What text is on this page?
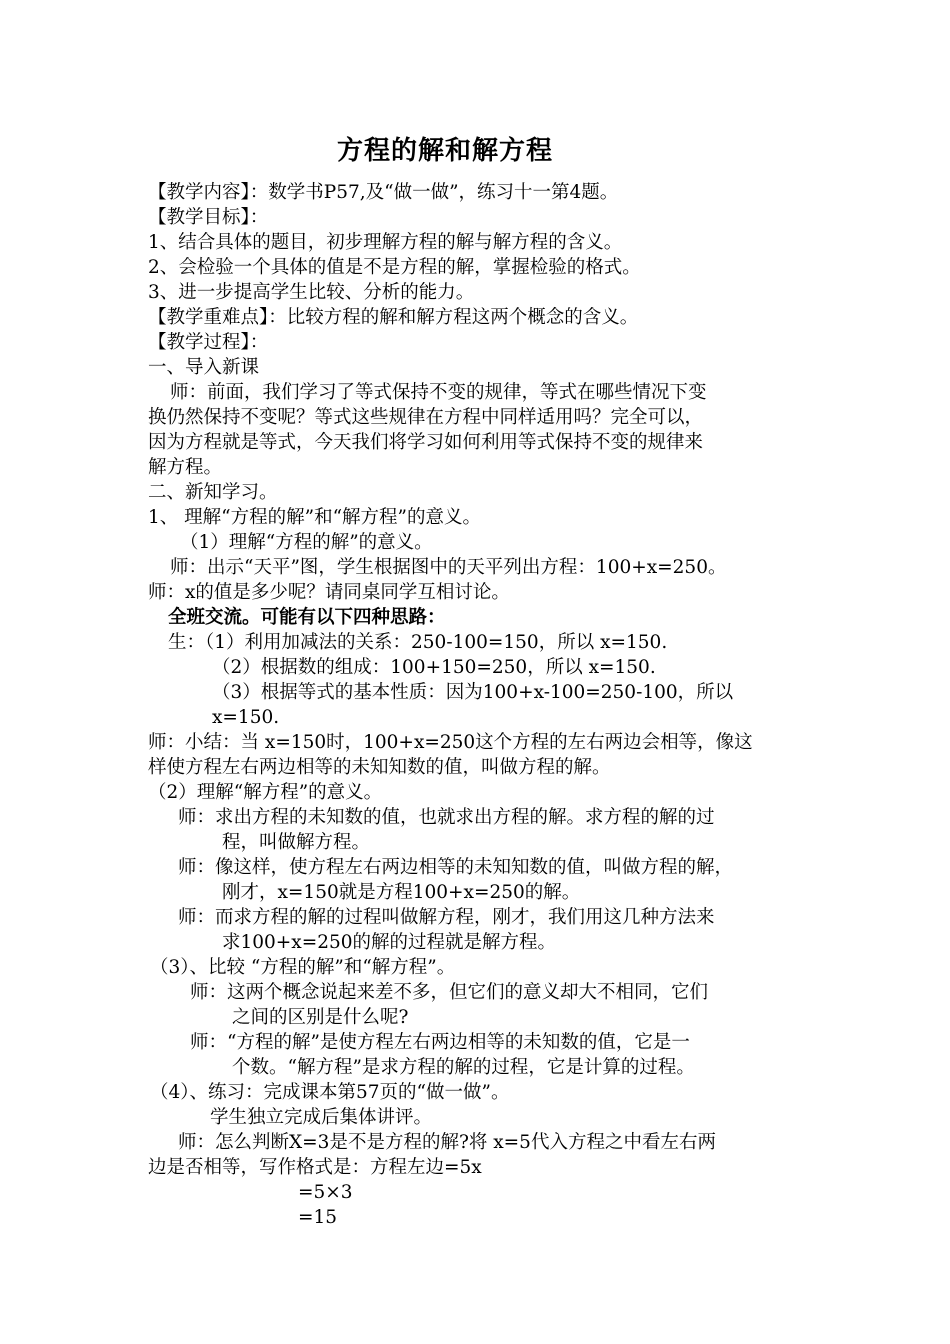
方程的解和解方程
【教学内容】：数学书P57,及“做一做”，练习十一第4题。
【教学目标】：
1、结合具体的题目，初步理解方程的解与解方程的含义。
2、会检验一个具体的值是不是方程的解，掌握检验的格式。
3、进一步提高学生比较、分析的能力。
【教学重难点】：比较方程的解和解方程这两个概念的含义。
【教学过程】：
一、导入新课
师：前面，我们学习了等式保持不变的规律，等式在哪些情况下变
换仍然保持不变呢？等式这些规律在方程中同样适用吗？完全可以，
因为方程就是等式，今天我们将学习如何利用等式保持不变的规律来
解方程。
二、新知学习。
1、 理解“方程的解”和“解方程”的意义。
（1）理解“方程的解”的意义。
师：出示“天平”图，学生根据图中的天平列出方程：100+x=250。
师：x的值是多少呢？请同桌同学互相讨论。
全班交流。可能有以下四种思路：
生：（1）利用加减法的关系：250-100=150，所以 x=150.
（2）根据数的组成：100+150=250，所以 x=150.
（3）根据等式的基本性质：因为100+x-100=250-100，所以
x=150.
师：小结：当 x=150时，100+x=250这个方程的左右两边会相等，像这
样使方程左右两边相等的未知知数的值，叫做方程的解。
（2）理解“解方程”的意义。
师：求出方程的未知数的值，也就求出方程的解。求方程的解的过
程，叫做解方程。
师：像这样，使方程左右两边相等的未知知数的值，叫做方程的解，
刚才，x=150就是方程100+x=250的解。
师：而求方程的解的过程叫做解方程，刚才，我们用这几种方法来
求100+x=250的解的过程就是解方程。
（3）、比较 “方程的解”和“解方程”。
师：这两个概念说起来差不多，但它们的意义却大不相同，它们
之间的区别是什么呢?
师：“方程的解”是使方程左右两边相等的未知数的值，它是一
个数。“解方程”是求方程的解的过程，它是计算的过程。
（4）、练习：完成课本第57页的“做一做”。
学生独立完成后集体讲评。
师：怎么判断X=3是不是方程的解?将 x=5代入方程之中看左右两
边是否相等，写作格式是：方程左边=5x
=5×3
=15
